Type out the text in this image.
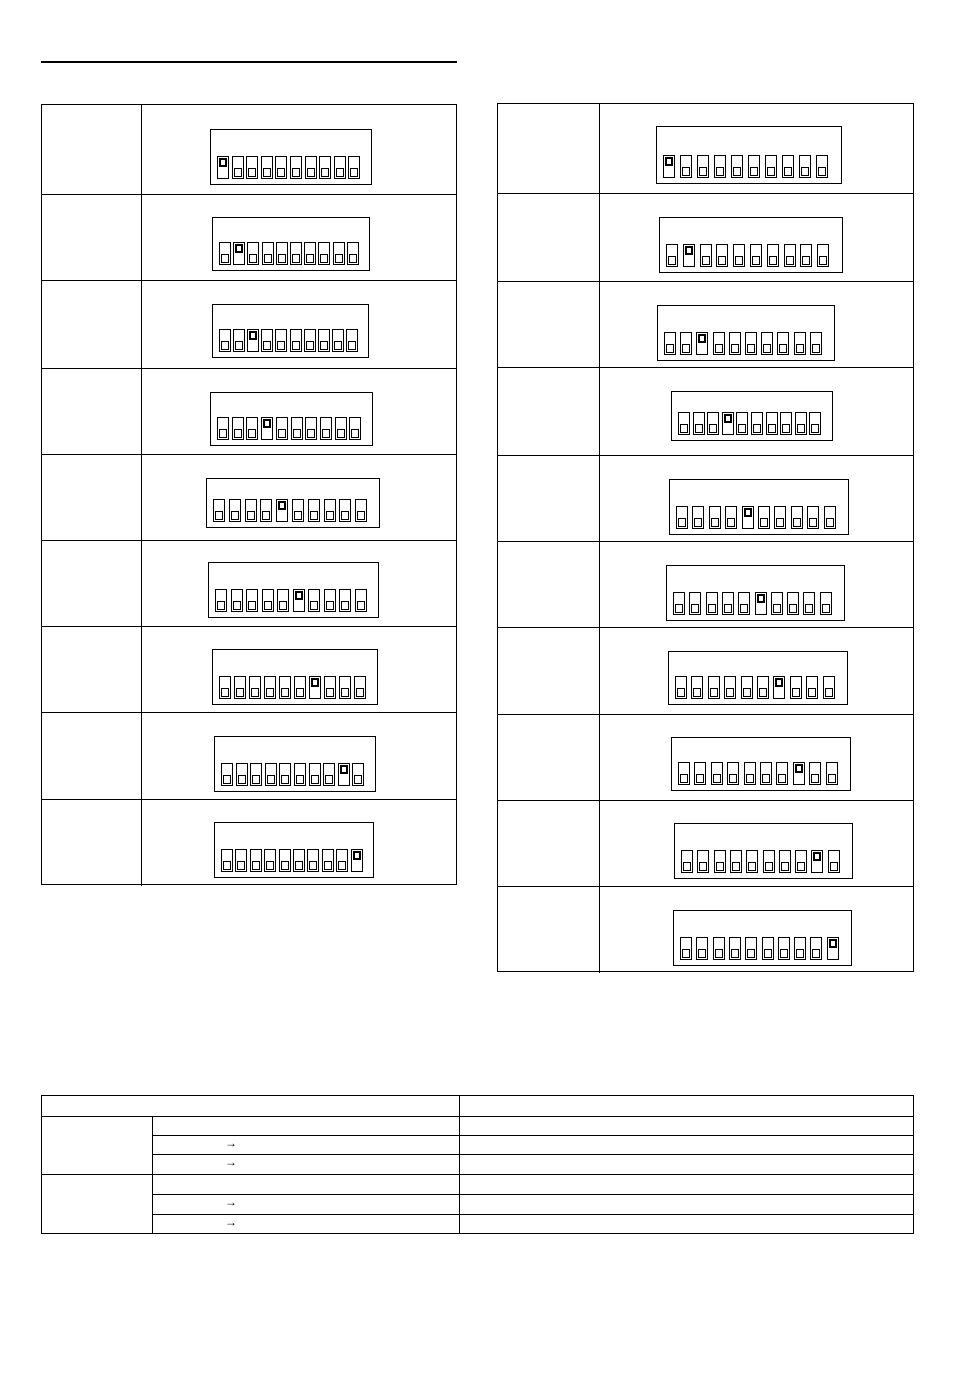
→
→
→
→
